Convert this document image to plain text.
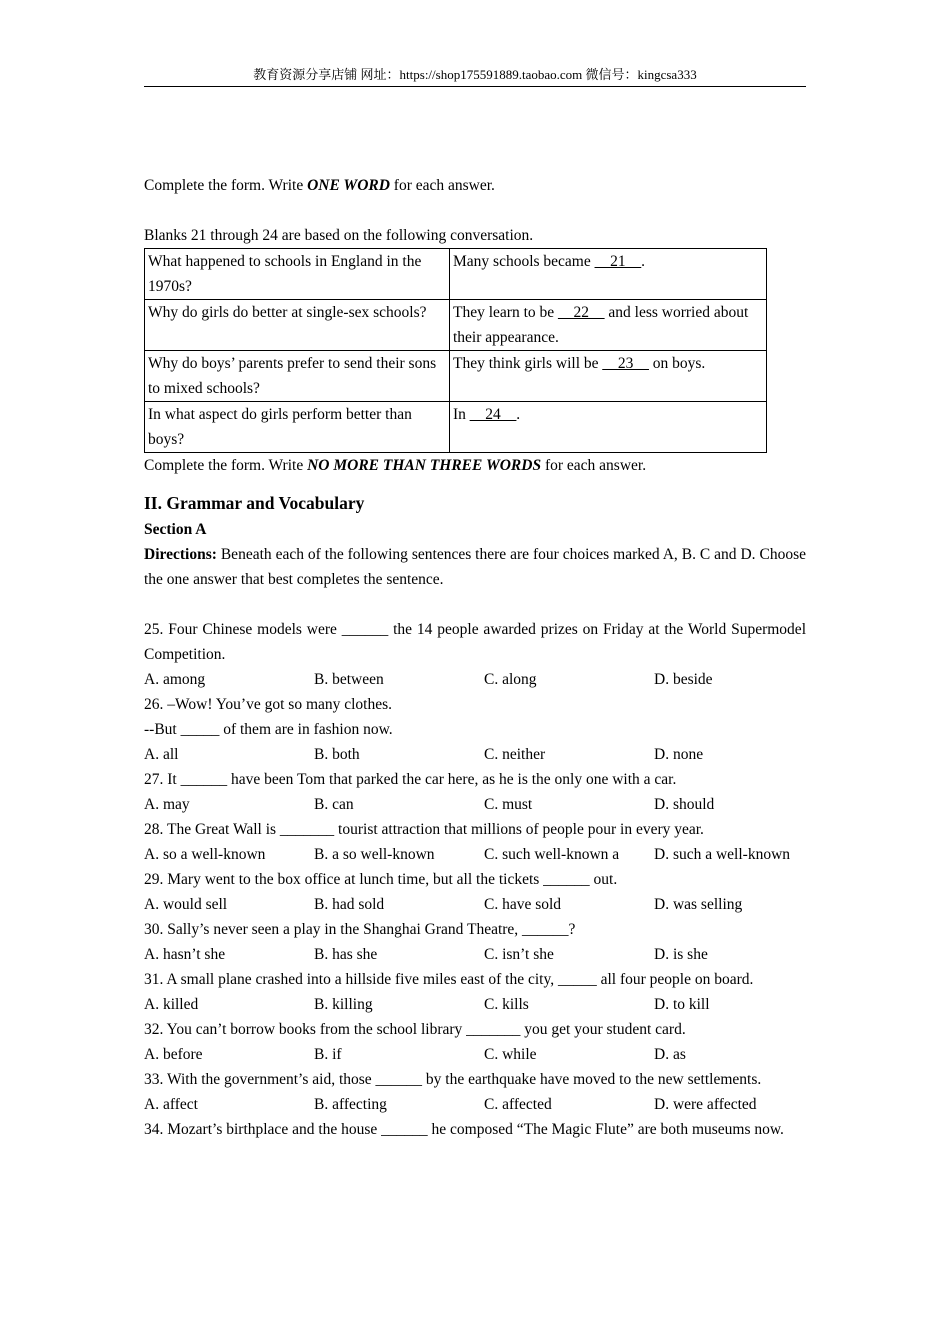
教育资源分享店铺 网址：https://shop175591889.taobao.com 微信号：kingcsa333

Complete the form. Write ONE WORD for each answer.

Blanks 21 through 24 are based on the following conversation.

What happened to schools in England in the 1970s?	Many schools became __21__.
Why do girls do better at single-sex schools?	They learn to be __22__ and less worried about their appearance.
Why do boys’ parents prefer to send their sons to mixed schools?	They think girls will be __23__ on boys.
In what aspect do girls perform better than boys?	In __24__.

Complete the form. Write NO MORE THAN THREE WORDS for each answer.

II. Grammar and Vocabulary
Section A

Directions: Beneath each of the following sentences there are four choices marked A, B. C and D. Choose the one answer that best completes the sentence.

25. Four Chinese models were ______ the 14 people awarded prizes on Friday at the World Supermodel Competition.

A. among	B. between	C. along	D. beside

26. –Wow! You’ve got so many clothes.

--But _____ of them are in fashion now.

A. all	B. both	C. neither	D. none

27. It ______ have been Tom that parked the car here, as he is the only one with a car.

A. may	B. can	C. must	D. should

28. The Great Wall is _______ tourist attraction that millions of people pour in every year.

A. so a well-known	B. a so well-known	C. such well-known a	D. such a well-known

29. Mary went to the box office at lunch time, but all the tickets ______ out.

A. would sell	B. had sold	C. have sold	D. was selling

30. Sally’s never seen a play in the Shanghai Grand Theatre, ______?

A. hasn’t she	B. has she	C. isn’t she	D. is she

31. A small plane crashed into a hillside five miles east of the city, _____ all four people on board.

A. killed	B. killing	C. kills	D. to kill

32. You can’t borrow books from the school library _______ you get your student card.

A. before	B. if	C. while	D. as

33. With the government’s aid, those ______ by the earthquake have moved to the new settlements.

A. affect	B. affecting	C. affected	D. were affected

34. Mozart’s birthplace and the house ______ he composed “The Magic Flute” are both museums now.
